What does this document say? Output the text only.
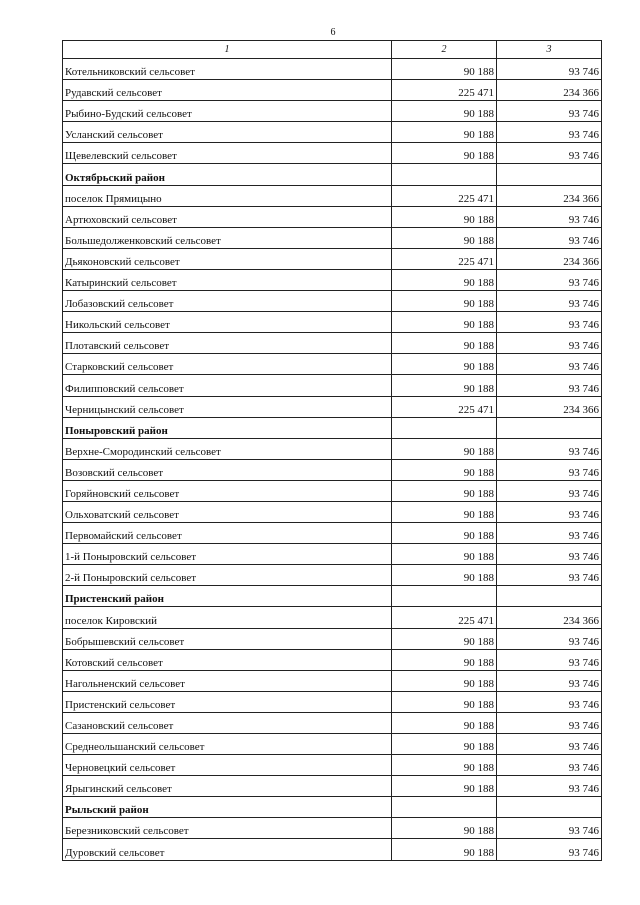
6
1	2	3
Котельниковский сельсовет	90 188	93 746
Рудавский сельсовет	225 471	234 366
Рыбино-Будский сельсовет	90 188	93 746
Усланский сельсовет	90 188	93 746
Щевелевский сельсовет	90 188	93 746
Октябрьский район		
поселок Прямицыно	225 471	234 366
Артюховский сельсовет	90 188	93 746
Большедолженковский сельсовет	90 188	93 746
Дьяконовский сельсовет	225 471	234 366
Катыринский сельсовет	90 188	93 746
Лобазовский сельсовет	90 188	93 746
Никольский сельсовет	90 188	93 746
Плотавский сельсовет	90 188	93 746
Старковский сельсовет	90 188	93 746
Филипповский сельсовет	90 188	93 746
Черницынский сельсовет	225 471	234 366
Поныровский район		
Верхне-Смородинский сельсовет	90 188	93 746
Возовский сельсовет	90 188	93 746
Горяйновский сельсовет	90 188	93 746
Ольховатский сельсовет	90 188	93 746
Первомайский сельсовет	90 188	93 746
1-й Поныровский сельсовет	90 188	93 746
2-й Поныровский сельсовет	90 188	93 746
Пристенский район		
поселок Кировский	225 471	234 366
Бобрышевский сельсовет	90 188	93 746
Котовский сельсовет	90 188	93 746
Нагольненский сельсовет	90 188	93 746
Пристенский сельсовет	90 188	93 746
Сазановский сельсовет	90 188	93 746
Среднеольшанский сельсовет	90 188	93 746
Черновецкий сельсовет	90 188	93 746
Ярыгинский сельсовет	90 188	93 746
Рыльский район		
Березниковский сельсовет	90 188	93 746
Дуровский сельсовет	90 188	93 746
